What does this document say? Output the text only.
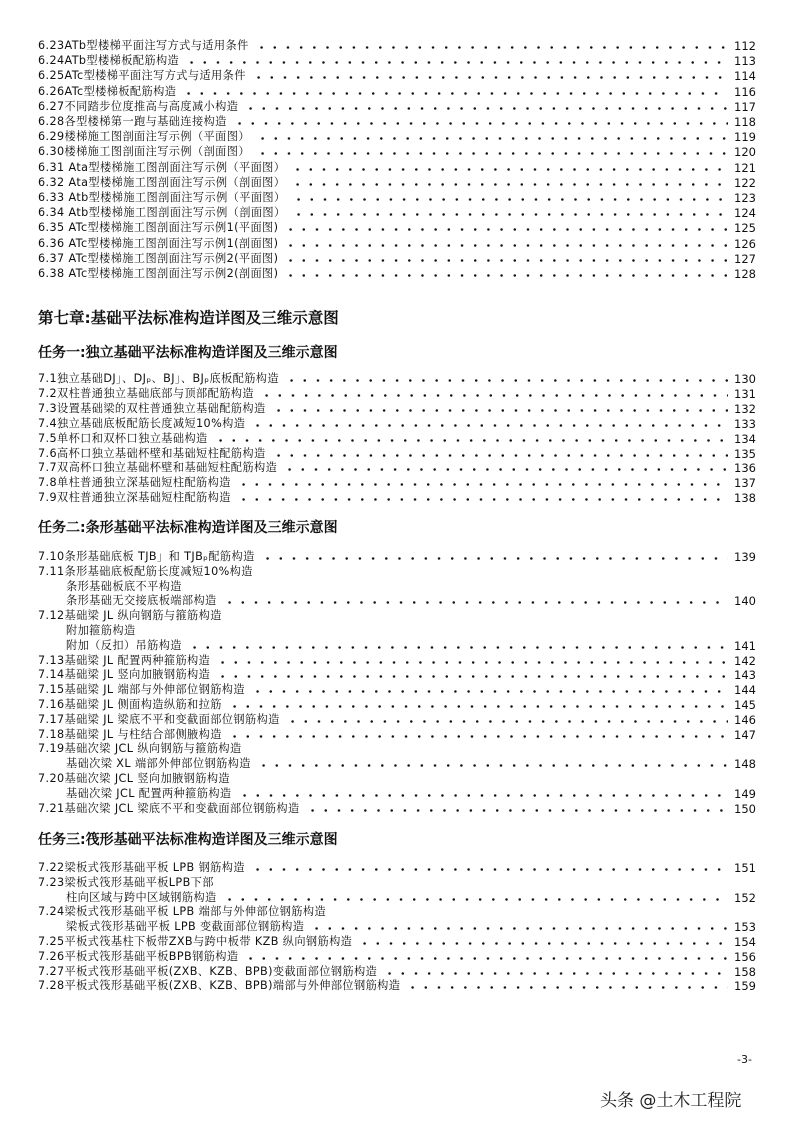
6.23ATb型楼梯平面注写方式与适用条件	112
6.24ATb型楼梯板配筋构造	113
6.25ATc型楼梯平面注写方式与适用条件	114
6.26ATc型楼梯板配筋构造	116
6.27不同踏步位度推高与高度减小构造	117
6.28各型楼梯第一跑与基础连接构造	118
6.29楼梯施工图剖面注写示例（平面图）	119
6.30楼梯施工图剖面注写示例（剖面图）	120
6.31 Ata型楼梯施工图剖面注写示例（平面图）	121
6.32 Ata型楼梯施工图剖面注写示例（剖面图）	122
6.33 Atb型楼梯施工图剖面注写示例（平面图）	123
6.34 Atb型楼梯施工图剖面注写示例（剖面图）	124
6.35 ATc型楼梯施工图剖面注写示例1(平面图)	125
6.36 ATc型楼梯施工图剖面注写示例1(剖面图)	126
6.37 ATc型楼梯施工图剖面注写示例2(平面图)	127
6.38 ATc型楼梯施工图剖面注写示例2(剖面图)	128
第七章:基础平法标准构造详图及三维示意图
任务一:独立基础平法标准构造详图及三维示意图
7.1独立基础DJ」、DJₚ、BJ」、BJₚ底板配筋构造	130
7.2双柱普通独立基础底部与顶部配筋构造	131
7.3设置基础梁的双柱普通独立基础配筋构造	132
7.4独立基础底板配筋长度减短10%构造	133
7.5单杯口和双杯口独立基础构造	134
7.6高杯口独立基础杯壁和基础短柱配筋构造	135
7.7双高杯口独立基础杯壁和基础短柱配筋构造	136
7.8单柱普通独立深基础短柱配筋构造	137
7.9双柱普通独立深基础短柱配筋构造	138
任务二:条形基础平法标准构造详图及三维示意图
7.10条形基础底板 TJB」和 TJBₚ配筋构造	139
7.11条形基础底板配筋长度减短10%构造
条形基础板底不平构造
条形基础无交接底板端部构造	140
7.12基础梁 JL 纵向钢筋与箍筋构造
附加箍筋构造
附加（反扣）吊筋构造	141
7.13基础梁 JL 配置两种箍筋构造	142
7.14基础梁 JL 竖向加腋钢筋构造	143
7.15基础梁 JL 端部与外伸部位钢筋构造	144
7.16基础梁 JL 侧面构造纵筋和拉筋	145
7.17基础梁 JL 梁底不平和变截面部位钢筋构造	146
7.18基础梁 JL 与柱结合部侧腋构造	147
7.19基础次梁 JCL 纵向钢筋与箍筋构造
基础次梁 XL 端部外伸部位钢筋构造	148
7.20基础次梁 JCL 竖向加腋钢筋构造
基础次梁 JCL 配置两种箍筋构造	149
7.21基础次梁 JCL 梁底不平和变截面部位钢筋构造	150
任务三:筏形基础平法标准构造详图及三维示意图
7.22梁板式筏形基础平板 LPB 钢筋构造	151
7.23梁板式筏形基础平板LPB下部
柱向区域与跨中区域钢筋构造	152
7.24梁板式筏形基础平板 LPB 端部与外伸部位钢筋构造
梁板式筏形基础平板 LPB 变截面部位钢筋构造	153
7.25平板式筏基柱下板带ZXB与跨中板带 KZB 纵向钢筋构造	154
7.26平板式筏形基础平板BPB钢筋构造	156
7.27平板式筏形基础平板(ZXB、KZB、BPB)变截面部位钢筋构造	158
7.28平板式筏形基础平板(ZXB、KZB、BPB)端部与外伸部位钢筋构造	159
-3-
头条 @土木工程院
